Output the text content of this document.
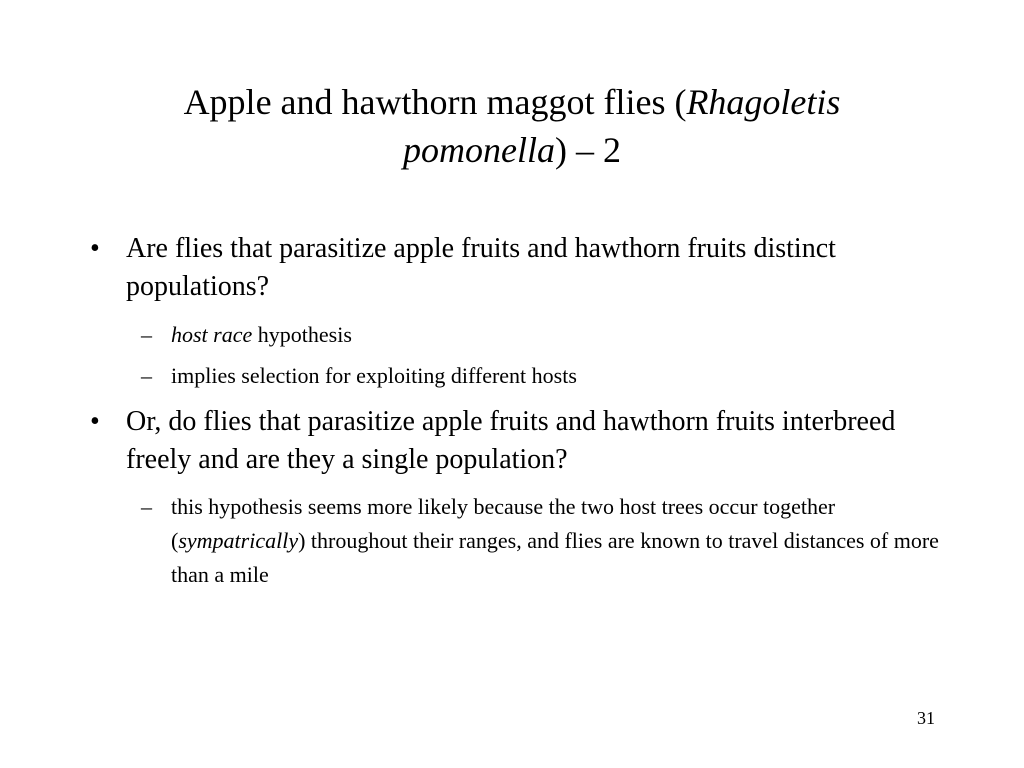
Apple and hawthorn maggot flies (Rhagoletis pomonella) – 2
• Are flies that parasitize apple fruits and hawthorn fruits distinct populations?
– host race hypothesis
– implies selection for exploiting different hosts
• Or, do flies that parasitize apple fruits and hawthorn fruits interbreed freely and are they a single population?
– this hypothesis seems more likely because the two host trees occur together (sympatrically) throughout their ranges, and flies are known to travel distances of more than a mile
31
